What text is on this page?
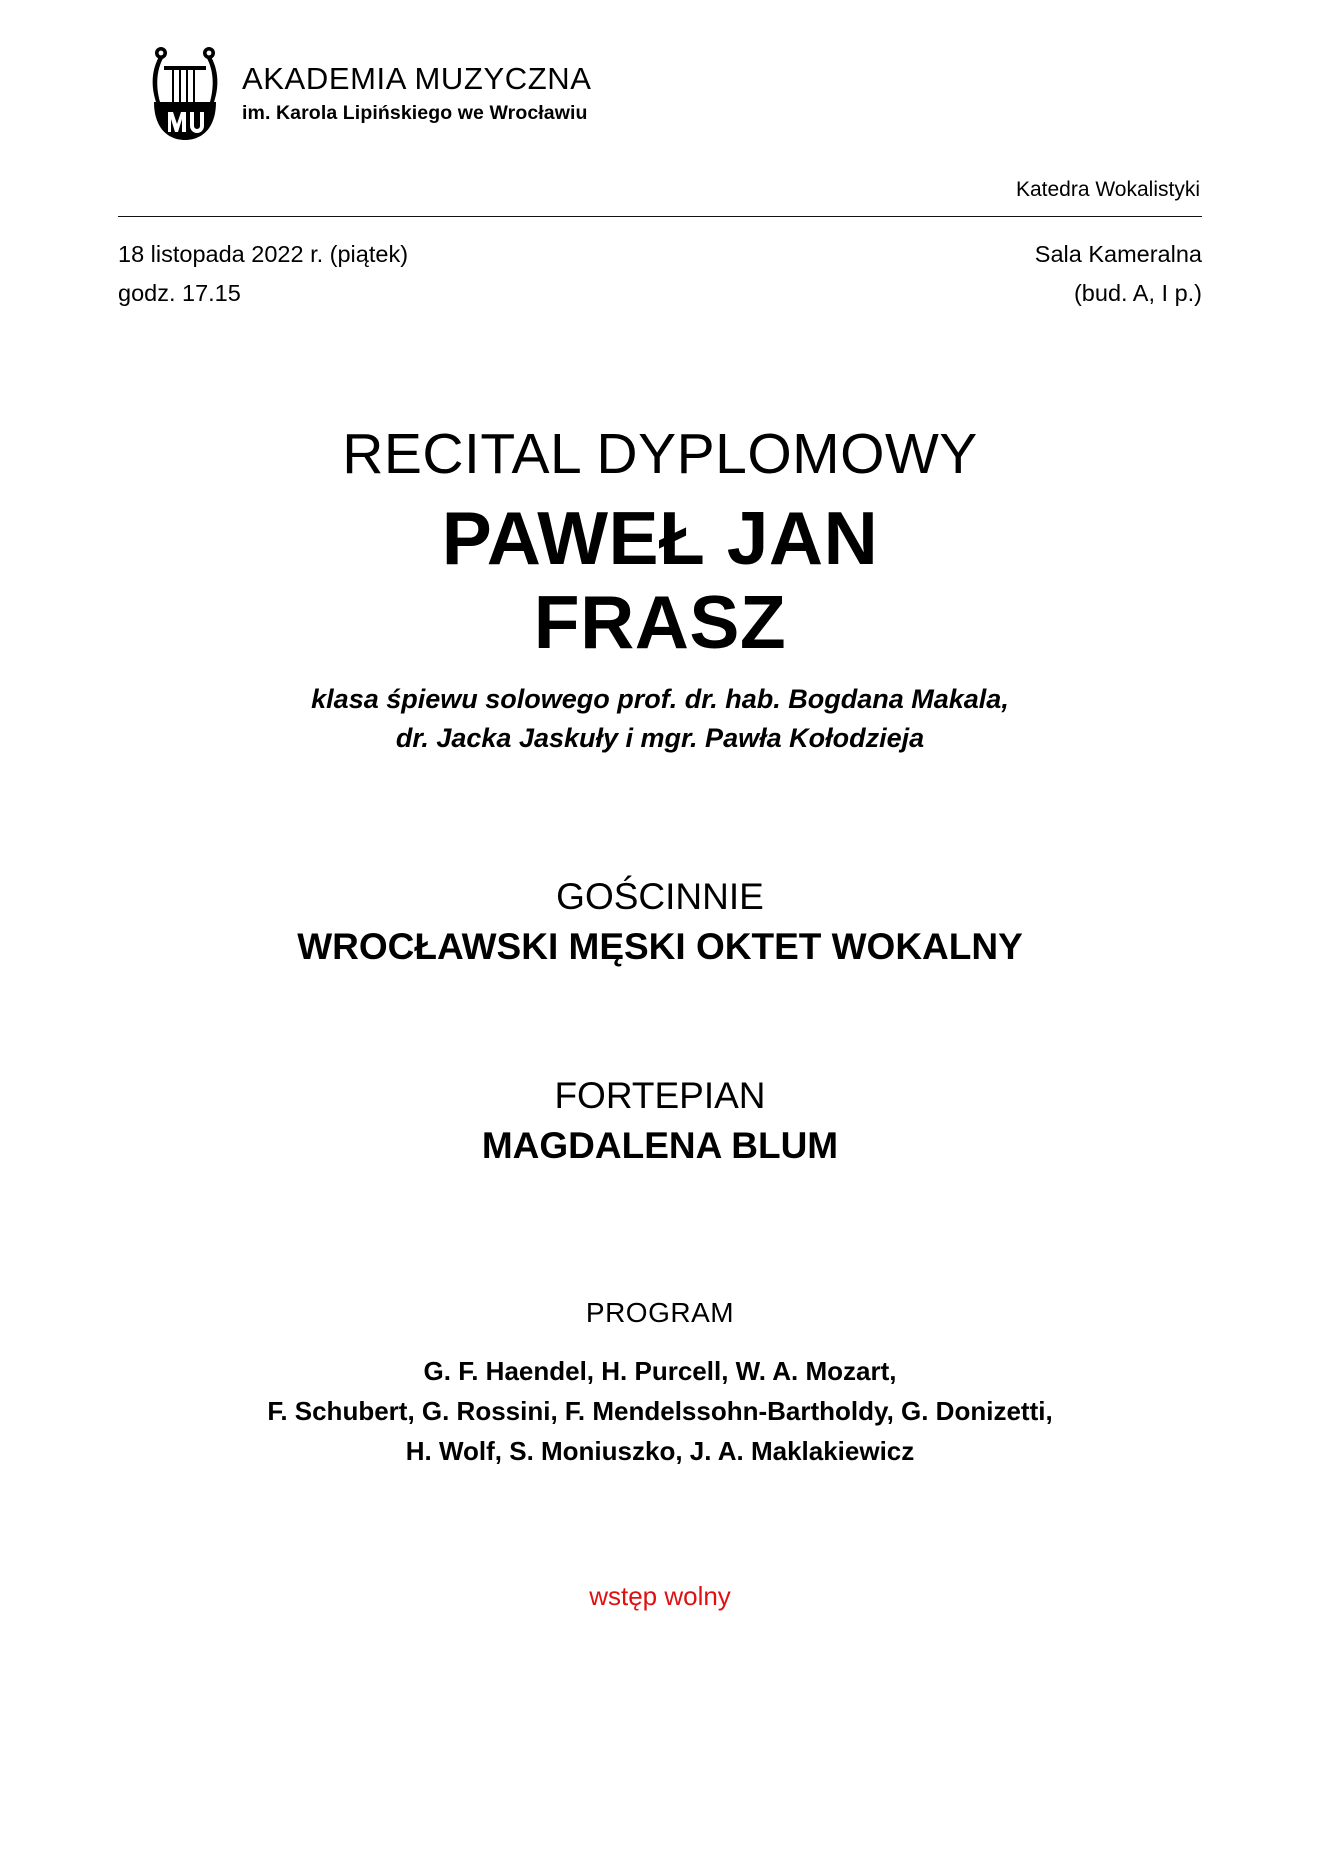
AKADEMIA MUZYCZNA
im. Karola Lipińskiego we Wrocławiu
Katedra Wokalistyki
18 listopada 2022 r. (piątek)
godz. 17.15
Sala Kameralna
(bud. A, I p.)
RECITAL DYPLOMOWY
PAWEŁ JAN
FRASZ
klasa śpiewu solowego prof. dr. hab. Bogdana Makala,
dr. Jacka Jaskuły i mgr. Pawła Kołodzieja
GOŚCINNIE
WROCŁAWSKI MĘSKI OKTET WOKALNY
FORTEPIAN
MAGDALENA BLUM
PROGRAM
G. F. Haendel, H. Purcell, W. A. Mozart,
F. Schubert, G. Rossini, F. Mendelssohn-Bartholdy, G. Donizetti,
H. Wolf, S. Moniuszko, J. A. Maklakiewicz
wstęp wolny
